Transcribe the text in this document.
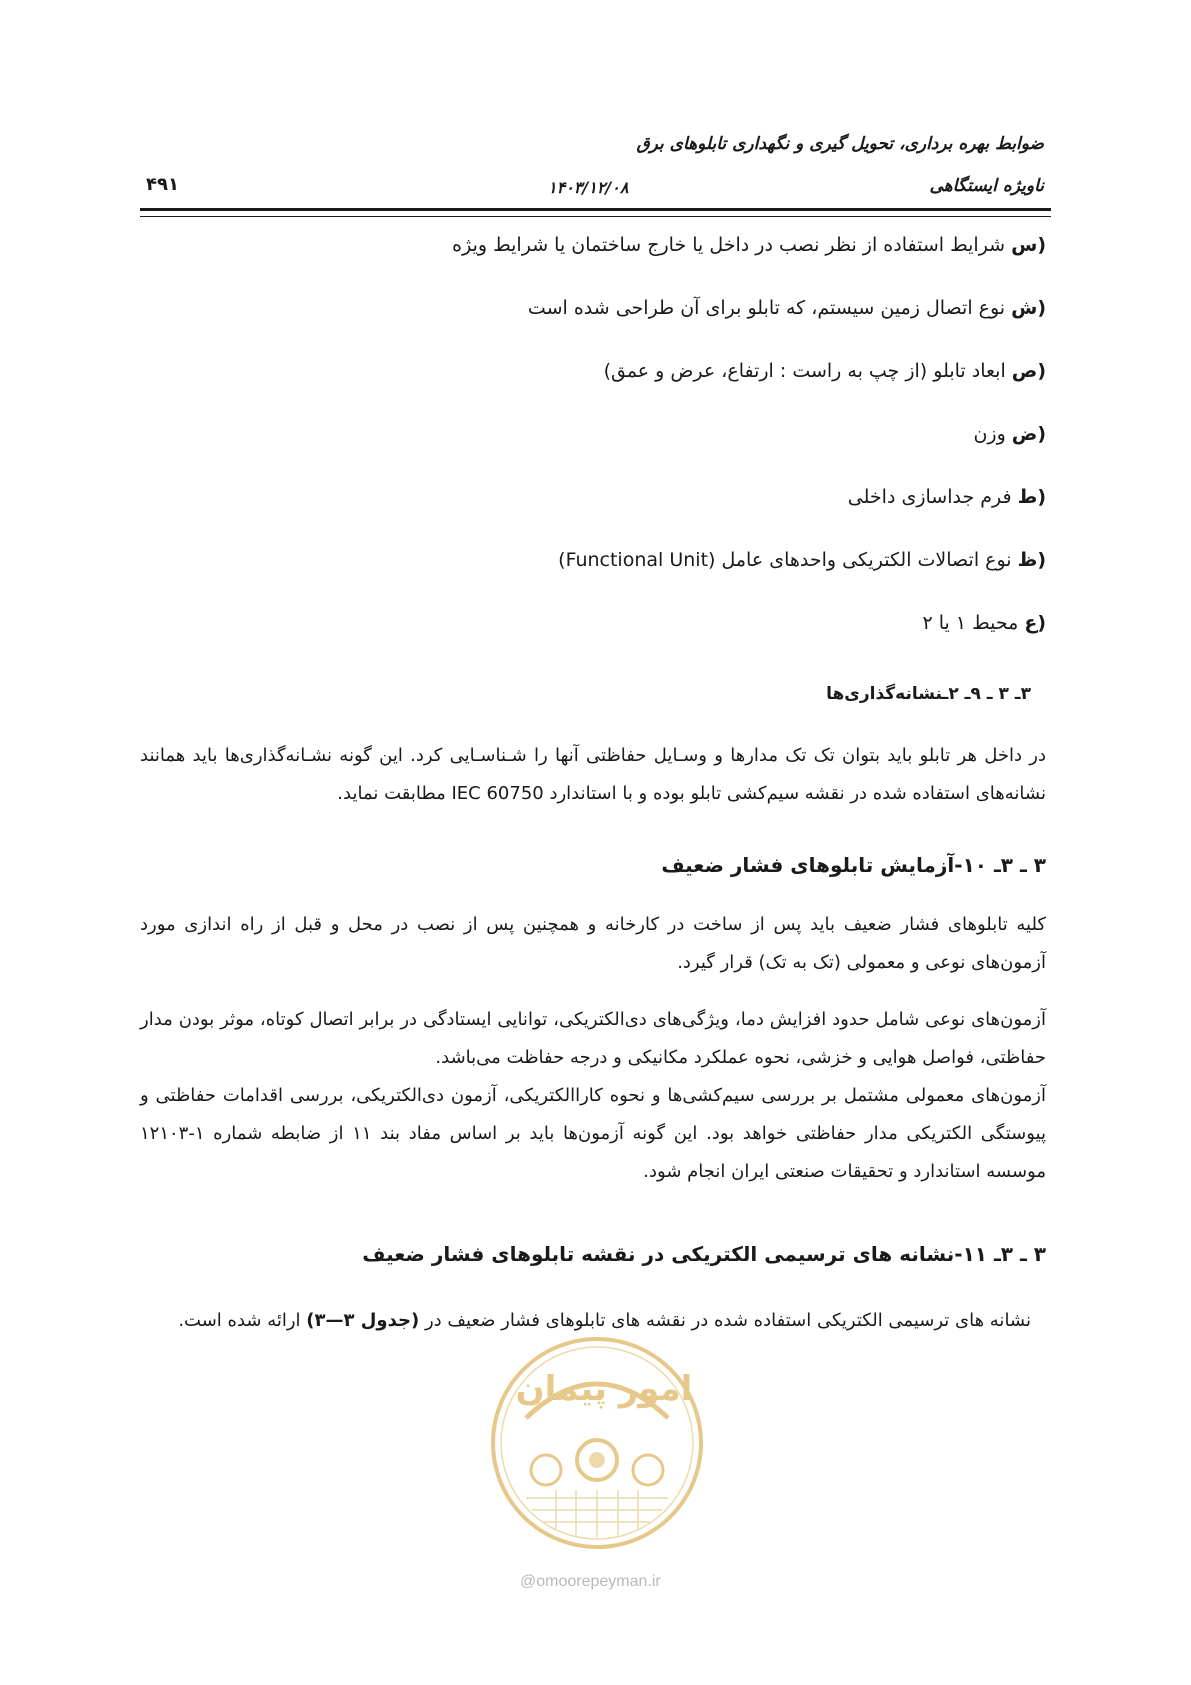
ضوابط بهره برداری، تحویل گیری و نگهداری تابلوهای برق
ناویژه ایستگاهی
۱۴۰۳/۱۲/۰۸
۴۹۱
س)
شرایط استفاده از نظر نصب در داخل یا خارج ساختمان یا شرایط ویژه
ش)
نوع اتصال زمین سیستم، که تابلو برای آن طراحی شده است
ص)
ابعاد تابلو (از چپ به راست : ارتفاع، عرض و عمق)
ض)
وزن
ط)
فرم جداسازی داخلی
ظ)
نوع اتصالات الکتریکی واحدهای عامل (Functional Unit)
ع)
محیط ۱ یا ۲
۳ـ ۳ ـ ۹ـ ۲ـنشانه‌گذاری‌ها

در داخل هر تابلو باید بتوان تک تک مدارها و وسـایل حفاظتی آنها را شـناسـایی کرد. این گونه نشـانه‌گذاری‌ها باید همانند نشانه‌های استفاده شده در نقشه سیم‌کشی تابلو بوده و با استاندارد IEC 60750 مطابقت نماید.

۳ ـ ۳ـ ۱۰-آزمایش تابلوهای فشار ضعیف

کلیه تابلوهای فشار ضعیف باید پس از ساخت در کارخانه و همچنین پس از نصب در محل و قبل از راه اندازی مورد آزمون‌های نوعی و معمولی (تک به تک) قرار گیرد.

آزمون‌های نوعی شامل حدود افزایش دما، ویژگی‌های دی‌الکتریکی، توانایی ایستادگی در برابر اتصال کوتاه، موثر بودن مدار حفاظتی، فواصل هوایی و خزشی، نحوه عملکرد مکانیکی و درجه حفاظت می‌باشد.

آزمون‌های معمولی مشتمل بر بررسی سیم‌کشی‌ها و نحوه کاراالکتریکی، آزمون دی‌الکتریکی، بررسی اقدامات حفاظتی و پیوستگی الکتریکی مدار حفاظتی خواهد بود. این گونه آزمون‌ها باید بر اساس مفاد بند ۱۱ از ضابطه شماره ۱-۱۲۱۰۳ موسسه استاندارد و تحقیقات صنعتی ایران انجام شود.

۳ ـ ۳ـ ۱۱-نشانه های ترسیمی الکتریکی در نقشه تابلوهای فشار ضعیف

نشانه های ترسیمی الکتریکی استفاده شده در نقشه های تابلوهای فشار ضعیف در (جدول ۳—۳) ارائه شده است.

امور پیمان
@omoorepeyman.ir
